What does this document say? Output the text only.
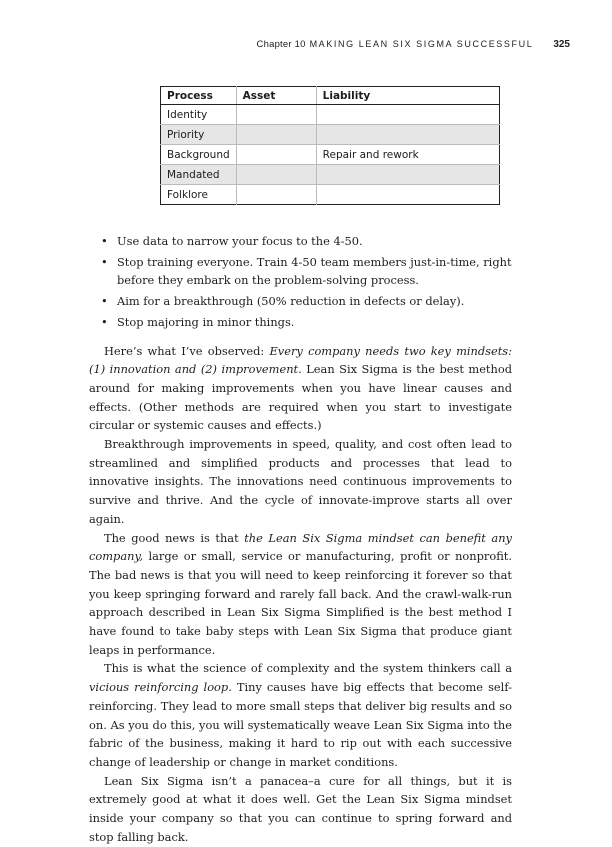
Chapter 10 MAKING LEAN SIX SIGMA SUCCESSFUL 325
Process	Asset	Liability
Identity		
Priority		
Background		Repair and rework
Mandated		
Folklore		
• Use data to narrow your focus to the 4-50.
• Stop training everyone. Train 4-50 team members just-in-time, right before they embark on the problem-solving process.
• Aim for a breakthrough (50% reduction in defects or delay).
• Stop majoring in minor things.

Here’s what I’ve observed: Every company needs two key mindsets: (1) innovation and (2) improvement. Lean Six Sigma is the best method around for making improvements when you have linear causes and effects. (Other methods are required when you start to investigate circular or systemic causes and effects.)

Breakthrough improvements in speed, quality, and cost often lead to streamlined and simplified products and processes that lead to innovative insights. The innovations need continuous improvements to survive and thrive. And the cycle of innovate-improve starts all over again.

The good news is that the Lean Six Sigma mindset can benefit any company, large or small, service or manufacturing, profit or nonprofit. The bad news is that you will need to keep reinforcing it forever so that you keep springing forward and rarely fall back. And the crawl-walk-run approach described in Lean Six Sigma Simplified is the best method I have found to take baby steps with Lean Six Sigma that produce giant leaps in performance.

This is what the science of complexity and the system thinkers call a vicious reinforcing loop. Tiny causes have big effects that become self-reinforcing. They lead to more small steps that deliver big results and so on. As you do this, you will systematically weave Lean Six Sigma into the fabric of the business, making it hard to rip out with each successive change of leadership or change in market conditions.

Lean Six Sigma isn’t a panacea–a cure for all things, but it is extremely good at what it does well. Get the Lean Six Sigma mindset inside your company so that you can continue to spring forward and stop falling back.
